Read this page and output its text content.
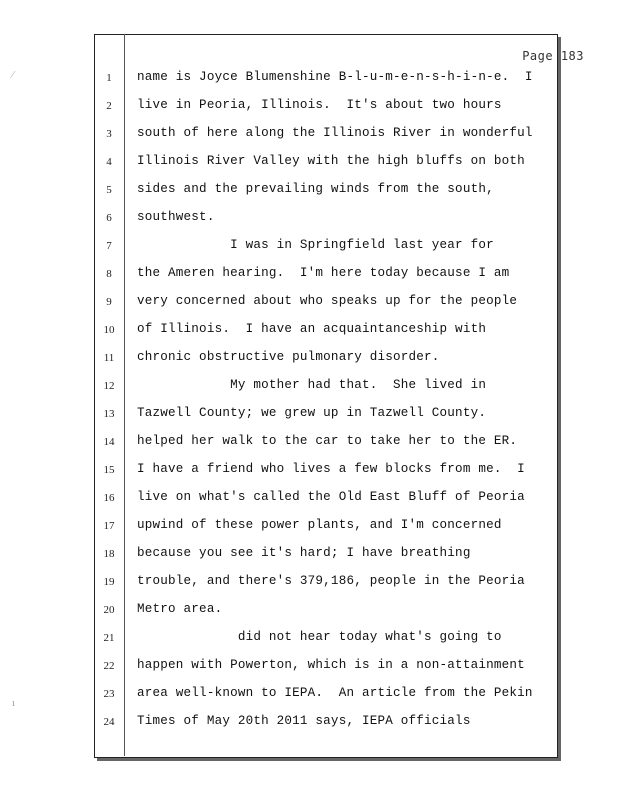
Page 183
⁄
ı
1	name is Joyce Blumenshine B-l-u-m-e-n-s-h-i-n-e.  I
2	live in Peoria, Illinois.  It's about two hours
3	south of here along the Illinois River in wonderful
4	Illinois River Valley with the high bluffs on both
5	sides and the prevailing winds from the south,
6	southwest.
7	I was in Springfield last year for
8	the Ameren hearing.  I'm here today because I am
9	very concerned about who speaks up for the people
10	of Illinois.  I have an acquaintanceship with
11	chronic obstructive pulmonary disorder.
12	My mother had that.  She lived in
13	Tazwell County; we grew up in Tazwell County.
14	helped her walk to the car to take her to the ER.
15	I have a friend who lives a few blocks from me.  I
16	live on what's called the Old East Bluff of Peoria
17	upwind of these power plants, and I'm concerned
18	because you see it's hard; I have breathing
19	trouble, and there's 379,186, people in the Peoria
20	Metro area.
21	did not hear today what's going to
22	happen with Powerton, which is in a non-attainment
23	area well-known to IEPA.  An article from the Pekin
24	Times of May 20th 2011 says, IEPA officials
